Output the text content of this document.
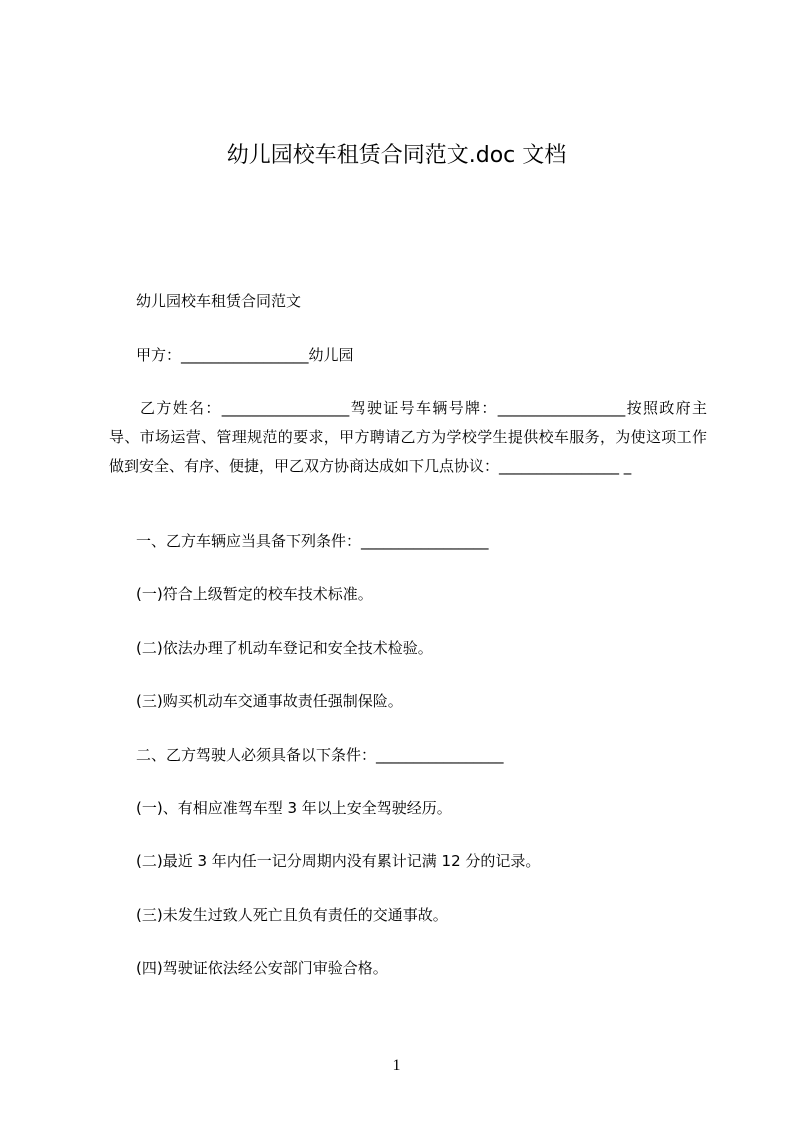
幼儿园校车租赁合同范文.doc 文档
幼儿园校车租赁合同范文
甲方：_________________幼儿园
乙方姓名：_________________驾驶证号车辆号牌：_________________按照政府主导、市场运营、管理规范的要求，甲方聘请乙方为学校学生提供校车服务，为使这项工作做到安全、有序、便捷，甲乙双方协商达成如下几点协议：________________ _
一、乙方车辆应当具备下列条件：_________________
(一)符合上级暂定的校车技术标准。
(二)依法办理了机动车登记和安全技术检验。
(三)购买机动车交通事故责任强制保险。
二、乙方驾驶人必须具备以下条件：_________________
(一)、有相应准驾车型 3 年以上安全驾驶经历。
(二)最近 3 年内任一记分周期内没有累计记满 12 分的记录。
(三)未发生过致人死亡且负有责任的交通事故。
(四)驾驶证依法经公安部门审验合格。
1
